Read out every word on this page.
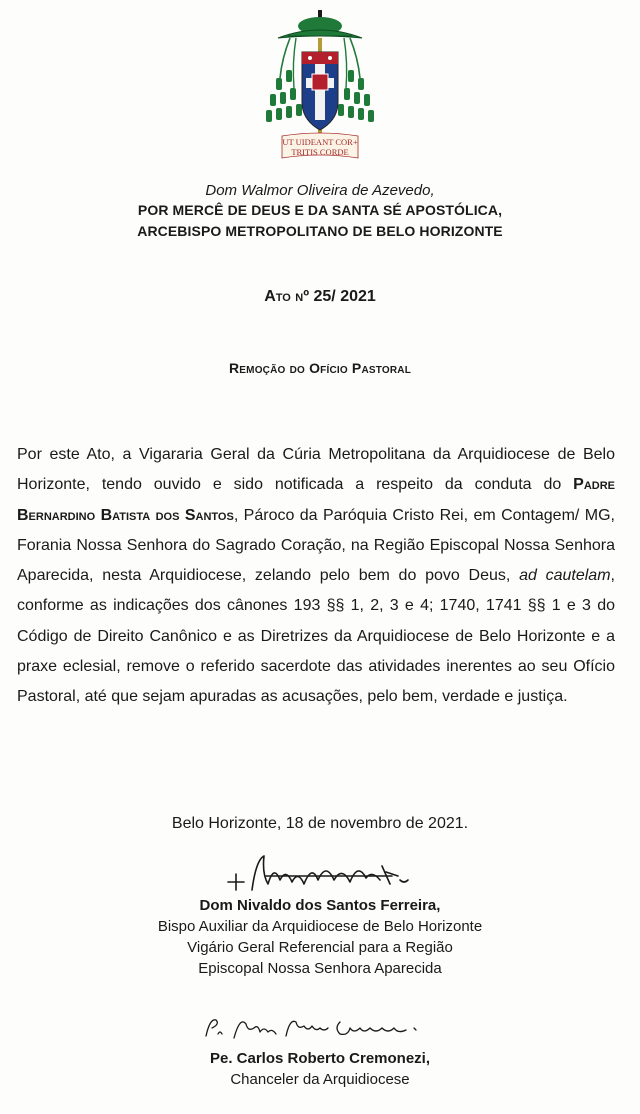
UT UIDEANT COR+
TRITIS CORDE
Dom Walmor Oliveira de Azevedo,
POR MERCÊ DE DEUS E DA SANTA SÉ APOSTÓLICA,
ARCEBISPO METROPOLITANO DE BELO HORIZONTE
Ato nº 25/ 2021
Remoção do Ofício Pastoral
Por este Ato, a Vigararia Geral da Cúria Metropolitana da Arquidiocese de Belo Horizonte, tendo ouvido e sido notificada a respeito da conduta do Padre Bernardino Batista dos Santos, Pároco da Paróquia Cristo Rei, em Contagem/ MG, Forania Nossa Senhora do Sagrado Coração, na Região Episcopal Nossa Senhora Aparecida, nesta Arquidiocese, zelando pelo bem do povo Deus, ad cautelam, conforme as indicações dos cânones 193 §§ 1, 2, 3 e 4; 1740, 1741 §§ 1 e 3 do Código de Direito Canônico e as Diretrizes da Arquidiocese de Belo Horizonte e a praxe eclesial, remove o referido sacerdote das atividades inerentes ao seu Ofício Pastoral, até que sejam apuradas as acusações, pelo bem, verdade e justiça.
Belo Horizonte, 18 de novembro de 2021.
Dom Nivaldo dos Santos Ferreira,
Bispo Auxiliar da Arquidiocese de Belo Horizonte
Vigário Geral Referencial para a Região
Episcopal Nossa Senhora Aparecida
Pe. Carlos Roberto Cremonezi,
Chanceler da Arquidiocese
